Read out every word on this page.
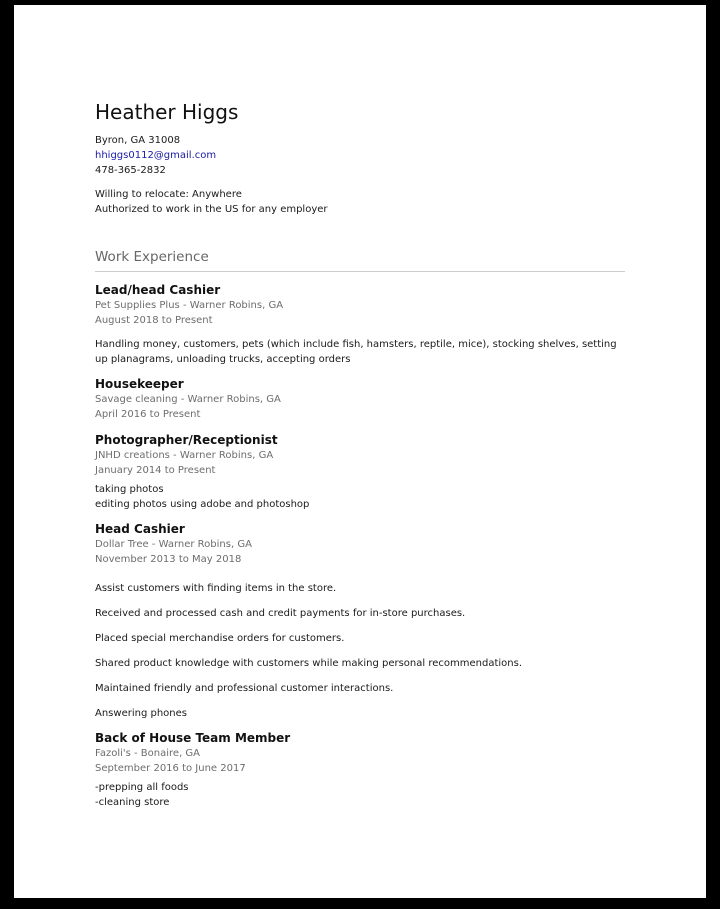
Heather Higgs

Byron, GA 31008

hhiggs0112@gmail.com

478-365-2832

Willing to relocate: Anywhere

Authorized to work in the US for any employer

Work Experience

Lead/head Cashier

Pet Supplies Plus - Warner Robins, GA

August 2018 to Present

Handling money, customers, pets (which include fish, hamsters, reptile, mice), stocking shelves, setting up planagrams, unloading trucks, accepting orders

Housekeeper

Savage cleaning - Warner Robins, GA

April 2016 to Present

Photographer/Receptionist

JNHD creations - Warner Robins, GA

January 2014 to Present

taking photos

editing photos using adobe and photoshop

Head Cashier

Dollar Tree - Warner Robins, GA

November 2013 to May 2018

Assist customers with finding items in the store.

Received and processed cash and credit payments for in-store purchases.

Placed special merchandise orders for customers.

Shared product knowledge with customers while making personal recommendations.

Maintained friendly and professional customer interactions.

Answering phones

Back of House Team Member

Fazoli's - Bonaire, GA

September 2016 to June 2017

-prepping all foods

-cleaning store
